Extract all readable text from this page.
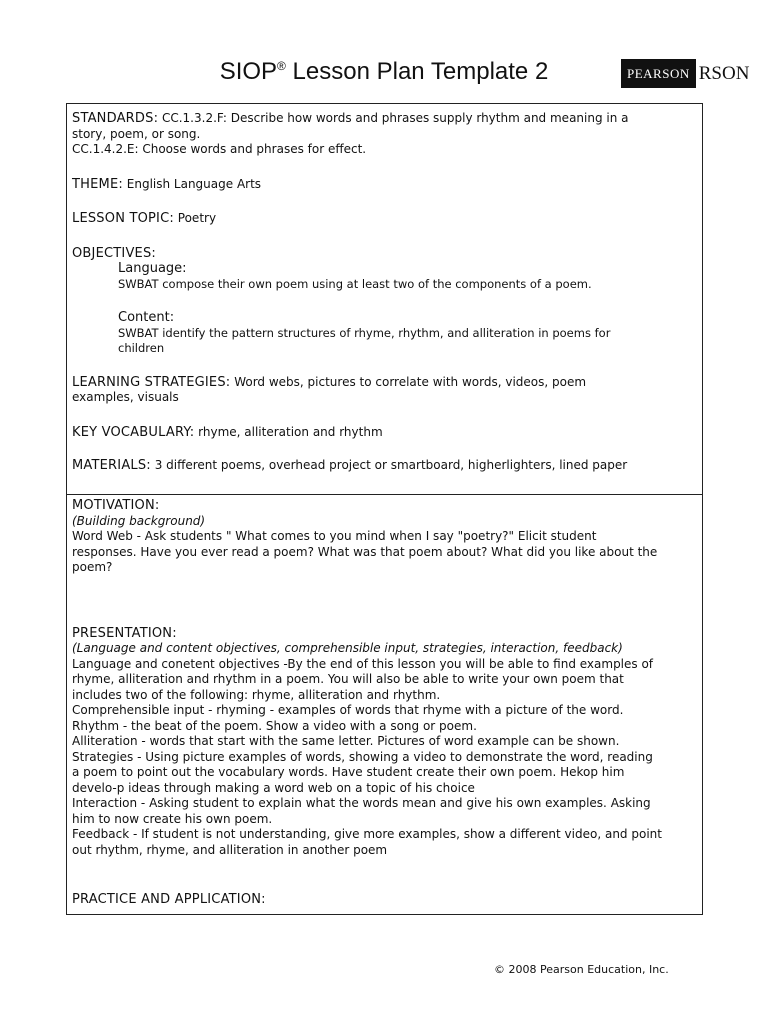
SIOP® Lesson Plan Template 2	PEARSON RSON
STANDARDS: CC.1.3.2.F: Describe how words and phrases supply rhythm and meaning in a
story, poem, or song.
CC.1.4.2.E: Choose words and phrases for effect.
THEME: English Language Arts
LESSON TOPIC: Poetry
OBJECTIVES:
Language:
SWBAT compose their own poem using at least two of the components of a poem.
Content:
SWBAT identify the pattern structures of rhyme, rhythm, and alliteration in poems for
children
LEARNING STRATEGIES: Word webs, pictures to correlate with words, videos, poem
examples, visuals
KEY VOCABULARY: rhyme, alliteration and rhythm
MATERIALS: 3 different poems, overhead project or smartboard, higherlighters, lined paper
MOTIVATION:
(Building background)
Word Web - Ask students " What comes to you mind when I say "poetry?" Elicit student
responses. Have you ever read a poem? What was that poem about? What did you like about the
poem?
PRESENTATION:
(Language and content objectives, comprehensible input, strategies, interaction, feedback)
Language and conetent objectives -By the end of this lesson you will be able to find examples of
rhyme, alliteration and rhythm in a poem. You will also be able to write your own poem that
includes two of the following: rhyme, alliteration and rhythm.
Comprehensible input - rhyming - examples of words that rhyme with a picture of the word.
Rhythm - the beat of the poem. Show a video with a song or poem.
Alliteration - words that start with the same letter. Pictures of word example can be shown.
Strategies - Using picture examples of words, showing a video to demonstrate the word, reading
a poem to point out the vocabulary words. Have student create their own poem. Hekop him
develo-p ideas through making a word web on a topic of his choice
Interaction - Asking student to explain what the words mean and give his own examples. Asking
him to now create his own poem.
Feedback - If student is not understanding, give more examples, show a different video, and point
out rhythm, rhyme, and alliteration in another poem
PRACTICE AND APPLICATION:
© 2008 Pearson Education, Inc.
